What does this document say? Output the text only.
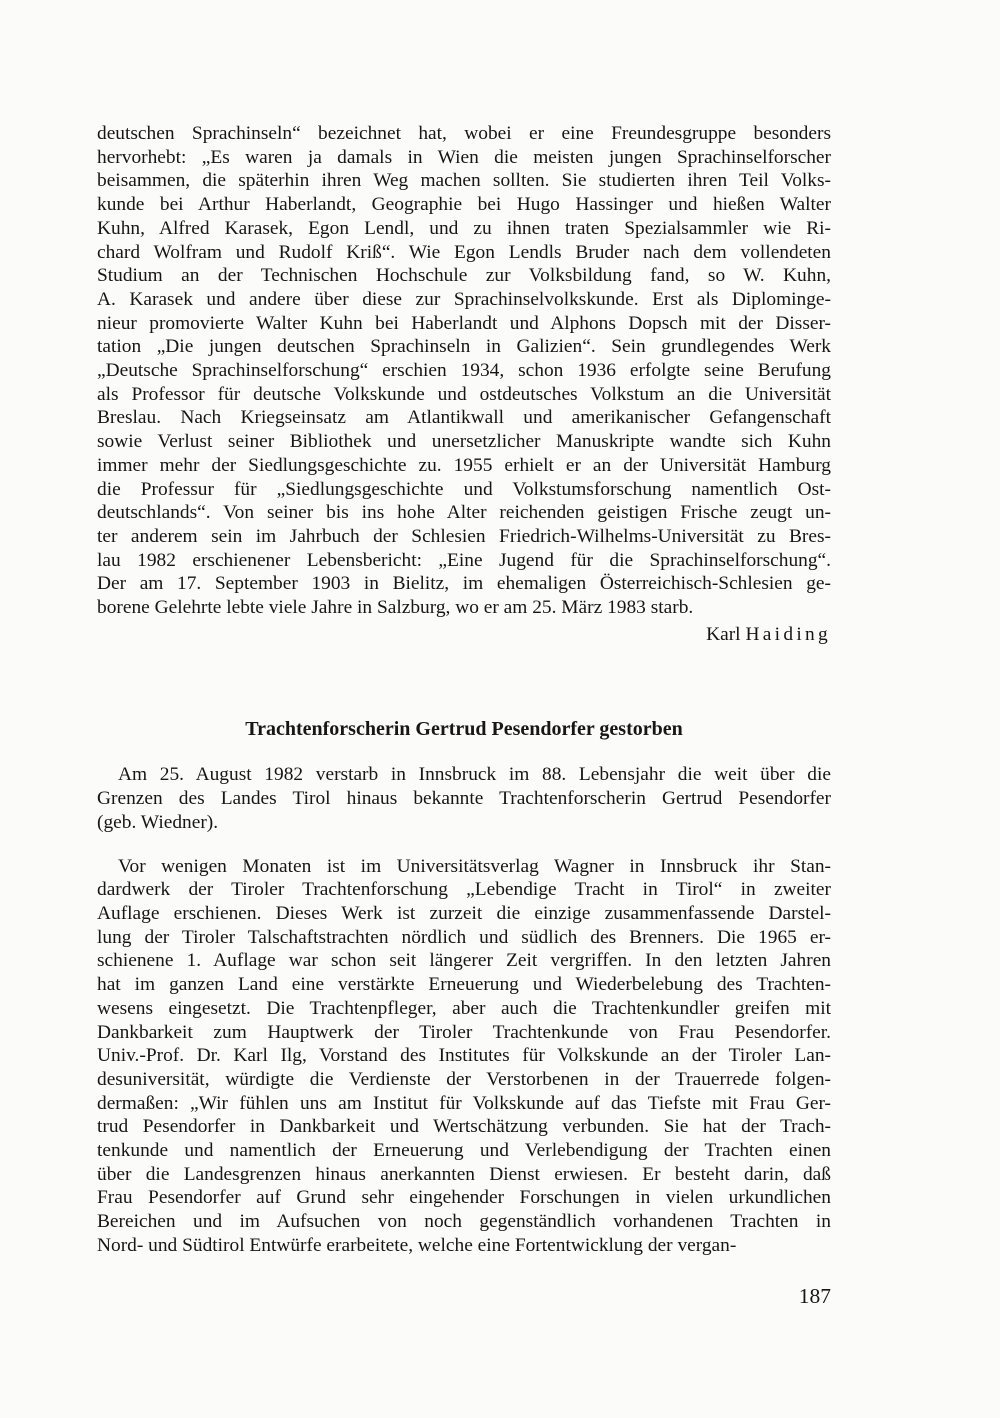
deutschen Sprachinseln“ bezeichnet hat, wobei er eine Freundesgruppe besonders
hervorhebt: „Es waren ja damals in Wien die meisten jungen Sprachinselforscher
beisammen, die späterhin ihren Weg machen sollten. Sie studierten ihren Teil Volks-
kunde bei Arthur Haberlandt, Geographie bei Hugo Hassinger und hießen Walter
Kuhn, Alfred Karasek, Egon Lendl, und zu ihnen traten Spezialsammler wie Ri-
chard Wolfram und Rudolf Kriß“. Wie Egon Lendls Bruder nach dem vollendeten
Studium an der Technischen Hochschule zur Volksbildung fand, so W. Kuhn,
A. Karasek und andere über diese zur Sprachinselvolkskunde. Erst als Diplominge-
nieur promovierte Walter Kuhn bei Haberlandt und Alphons Dopsch mit der Disser-
tation „Die jungen deutschen Sprachinseln in Galizien“. Sein grundlegendes Werk
„Deutsche Sprachinselforschung“ erschien 1934, schon 1936 erfolgte seine Berufung
als Professor für deutsche Volkskunde und ostdeutsches Volkstum an die Universität
Breslau. Nach Kriegseinsatz am Atlantikwall und amerikanischer Gefangenschaft
sowie Verlust seiner Bibliothek und unersetzlicher Manuskripte wandte sich Kuhn
immer mehr der Siedlungsgeschichte zu. 1955 erhielt er an der Universität Hamburg
die Professur für „Siedlungsgeschichte und Volkstumsforschung namentlich Ost-
deutschlands“. Von seiner bis ins hohe Alter reichenden geistigen Frische zeugt un-
ter anderem sein im Jahrbuch der Schlesien Friedrich-Wilhelms-Universität zu Bres-
lau 1982 erschienener Lebensbericht: „Eine Jugend für die Sprachinselforschung“.
Der am 17. September 1903 in Bielitz, im ehemaligen Österreichisch-Schlesien ge-
borene Gelehrte lebte viele Jahre in Salzburg, wo er am 25. März 1983 starb.
Karl Haiding
Trachtenforscherin Gertrud Pesendorfer gestorben
Am 25. August 1982 verstarb in Innsbruck im 88. Lebensjahr die weit über die
Grenzen des Landes Tirol hinaus bekannte Trachtenforscherin Gertrud Pesendorfer
(geb. Wiedner).
Vor wenigen Monaten ist im Universitätsverlag Wagner in Innsbruck ihr Stan-
dardwerk der Tiroler Trachtenforschung „Lebendige Tracht in Tirol“ in zweiter
Auflage erschienen. Dieses Werk ist zurzeit die einzige zusammenfassende Darstel-
lung der Tiroler Talschaftstrachten nördlich und südlich des Brenners. Die 1965 er-
schienene 1. Auflage war schon seit längerer Zeit vergriffen. In den letzten Jahren
hat im ganzen Land eine verstärkte Erneuerung und Wiederbelebung des Trachten-
wesens eingesetzt. Die Trachtenpfleger, aber auch die Trachtenkundler greifen mit
Dankbarkeit zum Hauptwerk der Tiroler Trachtenkunde von Frau Pesendorfer.
Univ.-Prof. Dr. Karl Ilg, Vorstand des Institutes für Volkskunde an der Tiroler Lan-
desuniversität, würdigte die Verdienste der Verstorbenen in der Trauerrede folgen-
dermaßen: „Wir fühlen uns am Institut für Volkskunde auf das Tiefste mit Frau Ger-
trud Pesendorfer in Dankbarkeit und Wertschätzung verbunden. Sie hat der Trach-
tenkunde und namentlich der Erneuerung und Verlebendigung der Trachten einen
über die Landesgrenzen hinaus anerkannten Dienst erwiesen. Er besteht darin, daß
Frau Pesendorfer auf Grund sehr eingehender Forschungen in vielen urkundlichen
Bereichen und im Aufsuchen von noch gegenständlich vorhandenen Trachten in
Nord- und Südtirol Entwürfe erarbeitete, welche eine Fortentwicklung der vergan-
187
